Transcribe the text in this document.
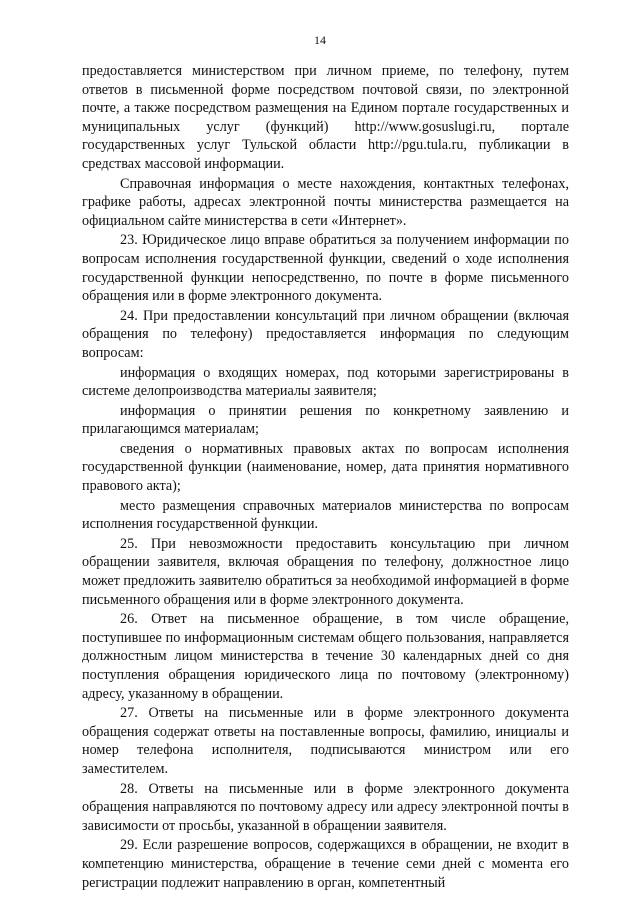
14

предоставляется министерством при личном приеме, по телефону, путем ответов в письменной форме посредством почтовой связи, по электронной почте, а также посредством размещения на Едином портале государственных и муниципальных услуг (функций) http://www.gosuslugi.ru, портале государственных услуг Тульской области http://pgu.tula.ru, публикации в средствах массовой информации.

Справочная информация о месте нахождения, контактных телефонах, графике работы, адресах электронной почты министерства размещается на официальном сайте министерства в сети «Интернет».

23. Юридическое лицо вправе обратиться за получением информации по вопросам исполнения государственной функции, сведений о ходе исполнения государственной функции непосредственно, по почте в форме письменного обращения или в форме электронного документа.

24. При предоставлении консультаций при личном обращении (включая обращения по телефону) предоставляется информация по следующим вопросам:

информация о входящих номерах, под которыми зарегистрированы в системе делопроизводства материалы заявителя;

информация о принятии решения по конкретному заявлению и прилагающимся материалам;

сведения о нормативных правовых актах по вопросам исполнения государственной функции (наименование, номер, дата принятия нормативного правового акта);

место размещения справочных материалов министерства по вопросам исполнения государственной функции.

25. При невозможности предоставить консультацию при личном обращении заявителя, включая обращения по телефону, должностное лицо может предложить заявителю обратиться за необходимой информацией в форме письменного обращения или в форме электронного документа.

26. Ответ на письменное обращение, в том числе обращение, поступившее по информационным системам общего пользования, направляется должностным лицом министерства в течение 30 календарных дней со дня поступления обращения юридического лица по почтовому (электронному) адресу, указанному в обращении.

27. Ответы на письменные или в форме электронного документа обращения содержат ответы на поставленные вопросы, фамилию, инициалы и номер телефона исполнителя, подписываются министром или его заместителем.

28. Ответы на письменные или в форме электронного документа обращения направляются по почтовому адресу или адресу электронной почты в зависимости от просьбы, указанной в обращении заявителя.

29. Если разрешение вопросов, содержащихся в обращении, не входит в компетенцию министерства, обращение в течение семи дней с момента его регистрации подлежит направлению в орган, компетентный
